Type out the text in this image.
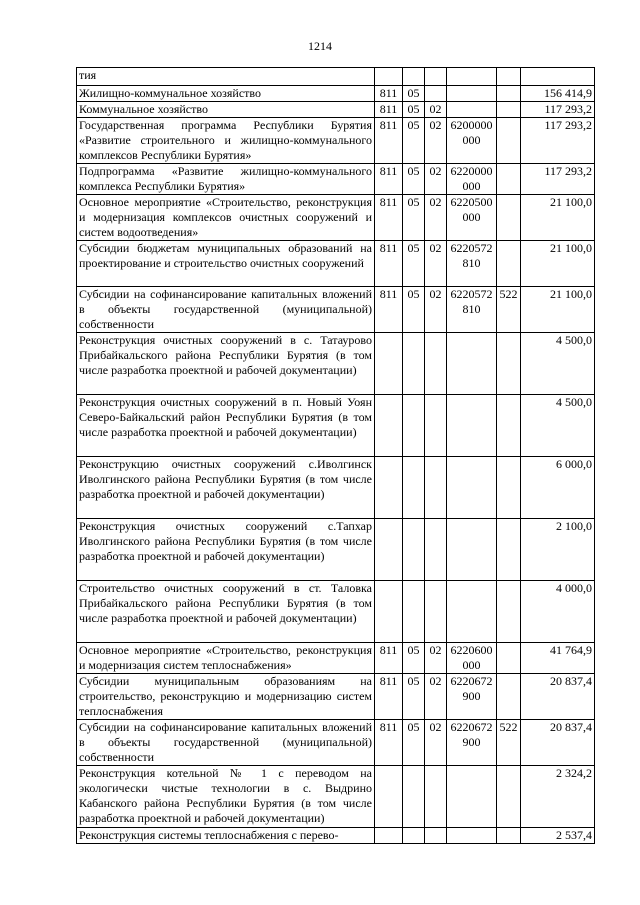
1214
тия						
Жилищно-коммунальное хозяйство	811	05				156 414,9
Коммунальное хозяйство	811	05	02			117 293,2
Государственная программа Республики Бурятия «Развитие строительного и жилищно-коммунального комплексов Республики Бурятия»	811	05	02	6200000 000		117 293,2
Подпрограмма «Развитие жилищно-коммунального комплекса Республики Бурятия»	811	05	02	6220000 000		117 293,2
Основное мероприятие «Строительство, реконструкция и модернизация комплексов очистных сооружений и систем водоотведения»	811	05	02	6220500 000		21 100,0
Субсидии бюджетам муниципальных образований на проектирование и строительство очистных сооружений	811	05	02	6220572 810		21 100,0
Субсидии на софинансирование капитальных вложений в объекты государственной (муниципальной) собственности	811	05	02	6220572 810	522	21 100,0
Реконструкция очистных сооружений в с. Татаурово Прибайкальского района Республики Бурятия (в том числе разработка проектной и рабочей документации)						4 500,0
Реконструкция очистных сооружений в п. Новый Уоян Северо-Байкальский район Республики Бурятия (в том числе разработка проектной и рабочей документации)						4 500,0
Реконструкцию очистных сооружений с.Иволгинск Иволгинского района Республики Бурятия (в том числе разработка проектной и рабочей документации)						6 000,0
Реконструкция очистных сооружений с.Тапхар Иволгинского района Республики Бурятия (в том числе разработка проектной и рабочей документации)						2 100,0
Строительство очистных сооружений в ст. Таловка Прибайкальского района Республики Бурятия (в том числе разработка проектной и рабочей документации)						4 000,0
Основное мероприятие «Строительство, реконструкция и модернизация систем теплоснабжения»	811	05	02	6220600 000		41 764,9
Субсидии муниципальным образованиям на строительство, реконструкцию и модернизацию систем теплоснабжения	811	05	02	6220672 900		20 837,4
Субсидии на софинансирование капитальных вложений в объекты государственной (муниципальной) собственности	811	05	02	6220672 900	522	20 837,4
Реконструкция котельной № 1 с переводом на экологически чистые технологии в с. Выдрино Кабанского района Республики Бурятия (в том числе разработка проектной и рабочей документации)						2 324,2
Реконструкция системы теплоснабжения с перево-						2 537,4
